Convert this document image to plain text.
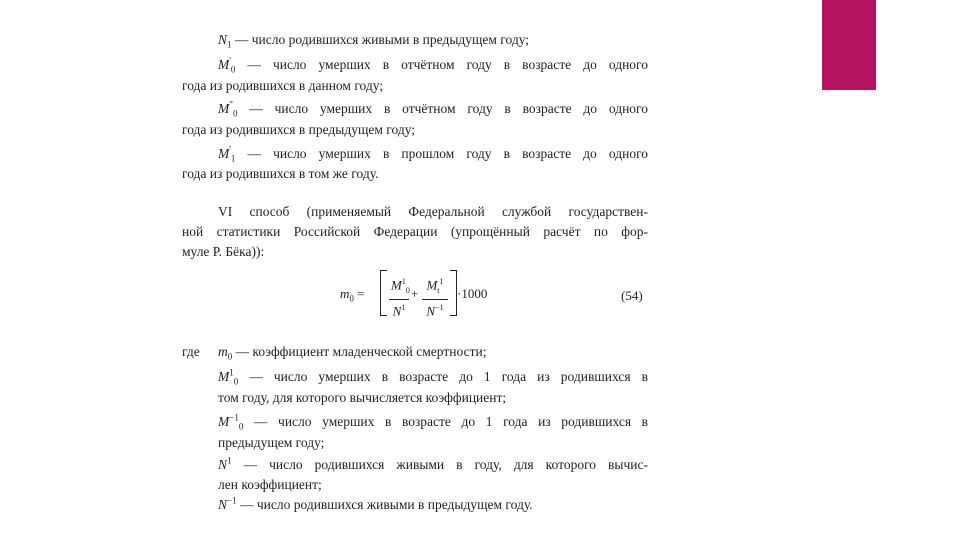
$N_1$ — число родившихся живыми в предыдущем году;
$M'_0$ — число умерших в отчётном году в возрасте до одного
года из родившихся в данном году;
$M^"_0$ — число умерших в отчётном году в возрасте до одного
года из родившихся в предыдущем году;
$M'_1$ — число умерших в прошлом году в возрасте до одного
года из родившихся в том же году.
VI способ (применяемый Федеральной службой государствен-
ной статистики Российской Федерации (упрощённый расчёт по фор-
муле Р. Бёка)):
$m_0 = \frac{M^1_0}{N^1} + \frac{M_t^1}{N^{-1}} \cdot 1000$	(54)
где $m_0$ — коэффициент младенческой смертности;
$M^1_0$ — число умерших в возрасте до 1 года из родившихся в
том году, для которого вычисляется коэффициент;
$M^{-1}_0$ — число умерших в возрасте до 1 года из родившихся в
предыдущем году;
$N^1$ — число родившихся живыми в году, для которого вычис-
лен коэффициент;
$N^{-1}$ — число родившихся живыми в предыдущем году.
